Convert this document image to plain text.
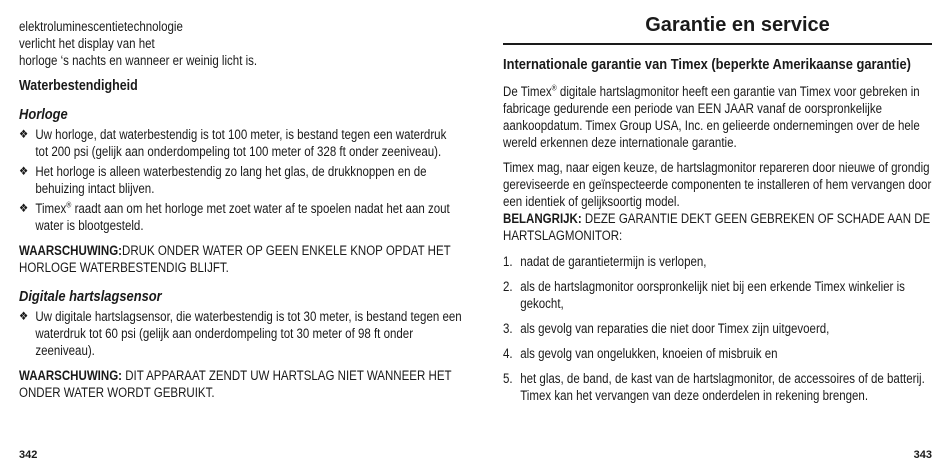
elektroluminescentietechnologie
verlicht het display van het
horloge ‘s nachts en wanneer er weinig licht is.
Waterbestendigheid
Horloge
❖ Uw horloge, dat waterbestendig is tot 100 meter, is bestand tegen een waterdruk tot 200 psi (gelijk aan onderdompeling tot 100 meter of 328 ft onder zeeniveau).
❖ Het horloge is alleen waterbestendig zo lang het glas, de drukknoppen en de behuizing intact blijven.
❖ Timex® raadt aan om het horloge met zoet water af te spoelen nadat het aan zout water is blootgesteld.
WAARSCHUWING:DRUK ONDER WATER OP GEEN ENKELE KNOP OPDAT HET HORLOGE WATERBESTENDIG BLIJFT.
Digitale hartslagsensor
❖ Uw digitale hartslagsensor, die waterbestendig is tot 30 meter, is bestand tegen een waterdruk tot 60 psi (gelijk aan onderdompeling tot 30 meter of 98 ft onder zeeniveau).
WAARSCHUWING: DIT APPARAAT ZENDT UW HARTSLAG NIET WANNEER HET ONDER WATER WORDT GEBRUIKT.
342
Garantie en service
Internationale garantie van Timex (beperkte Amerikaanse garantie)
De Timex® digitale hartslagmonitor heeft een garantie van Timex voor gebreken in fabricage gedurende een periode van EEN JAAR vanaf de oorspronkelijke aankoopdatum. Timex Group USA, Inc. en gelieerde ondernemingen over de hele wereld erkennen deze internationale garantie.
Timex mag, naar eigen keuze, de hartslagmonitor repareren door nieuwe of grondig gereviseerde en geïnspecteerde componenten te installeren of hem vervangen door een identiek of gelijksoortig model.
BELANGRIJK: DEZE GARANTIE DEKT GEEN GEBREKEN OF SCHADE AAN DE HARTSLAGMONITOR:
1. nadat de garantietermijn is verlopen,
2. als de hartslagmonitor oorspronkelijk niet bij een erkende Timex winkelier is gekocht,
3. als gevolg van reparaties die niet door Timex zijn uitgevoerd,
4. als gevolg van ongelukken, knoeien of misbruik en
5. het glas, de band, de kast van de hartslagmonitor, de accessoires of de batterij. Timex kan het vervangen van deze onderdelen in rekening brengen.
343
